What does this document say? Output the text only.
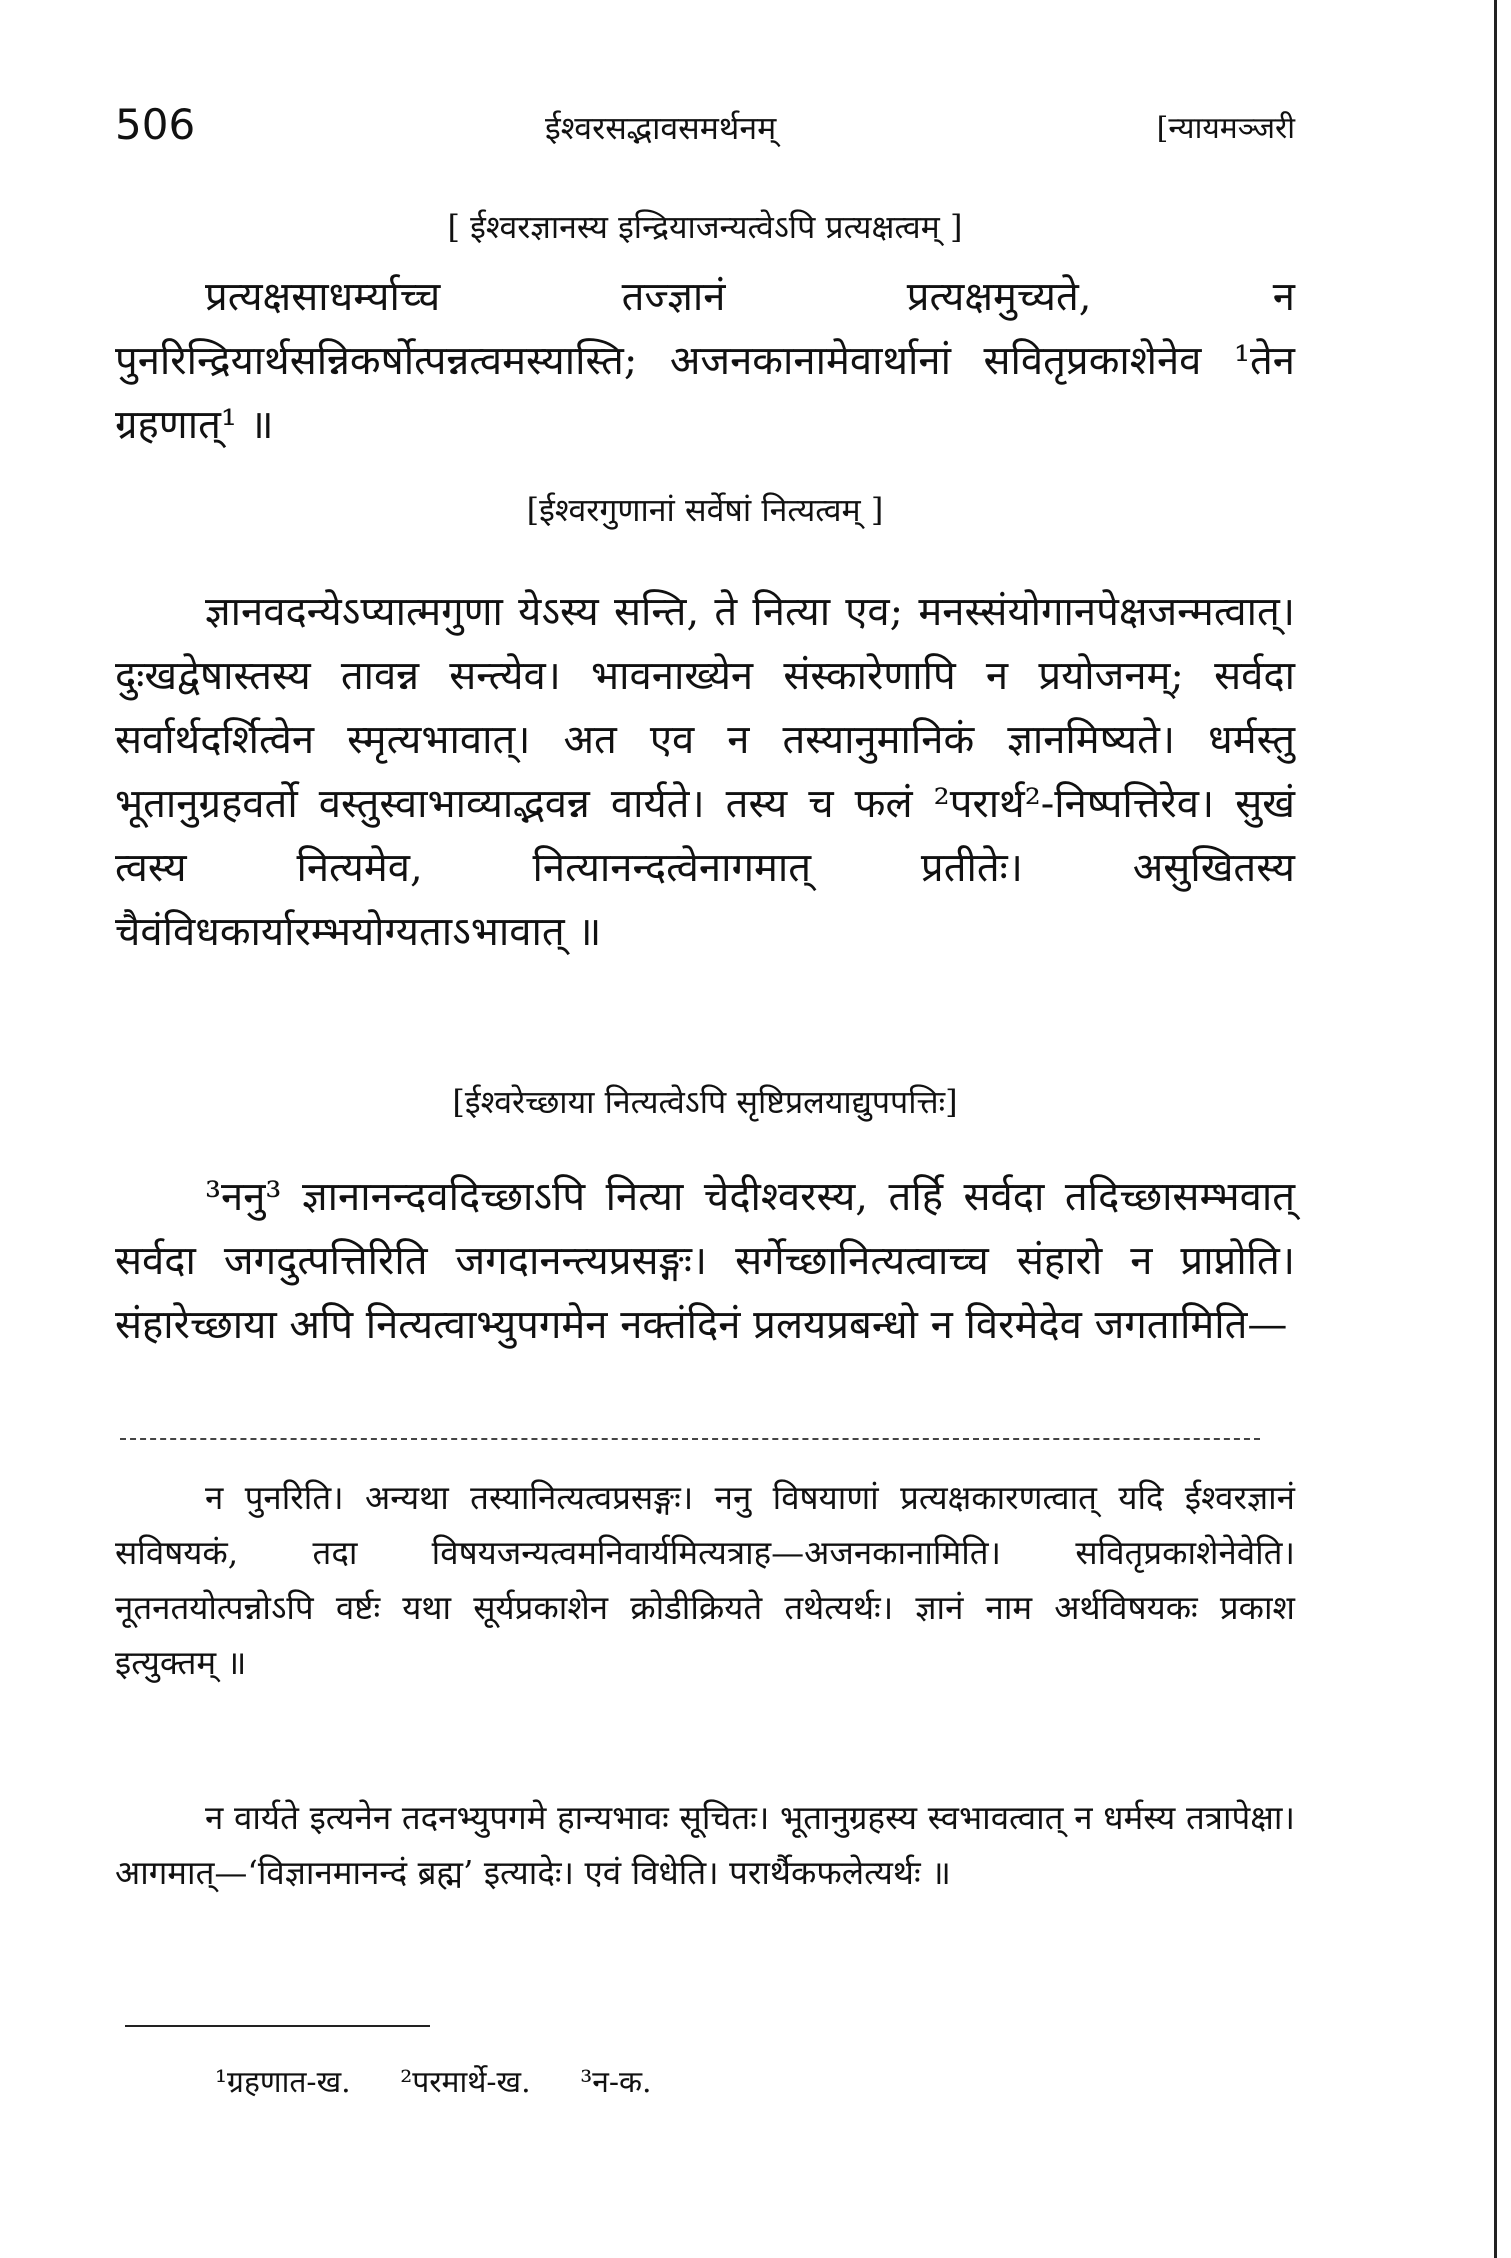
506	ईश्वरसद्भावसमर्थनम्	[न्यायमञ्जरी
[ ईश्वरज्ञानस्य इन्द्रियाजन्यत्वेऽपि प्रत्यक्षत्वम् ]
प्रत्यक्षसाधर्म्याच्च तज्ज्ञानं प्रत्यक्षमुच्यते, न पुनरिन्द्रियार्थसन्निकर्षोत्पन्नत्वमस्यास्ति; अजनकानामेवार्थानां सवितृप्रकाशेनेव ¹तेन ग्रहणात्¹ ॥
[ईश्वरगुणानां सर्वेषां नित्यत्वम् ]
ज्ञानवदन्येऽप्यात्मगुणा येऽस्य सन्ति, ते नित्या एव; मनस्संयोगानपेक्षजन्मत्वात्। दुःखद्वेषास्तस्य तावन्न सन्त्येव। भावनाख्येन संस्कारेणापि न प्रयोजनम्; सर्वदा सर्वार्थदर्शित्वेन स्मृत्यभावात्। अत एव न तस्यानुमानिकं ज्ञानमिष्यते। धर्मस्तु भूतानुग्रहवर्तो वस्तुस्वाभाव्याद्भवन्न वार्यते। तस्य च फलं ²परार्थ²-निष्पत्तिरेव। सुखं त्वस्य नित्यमेव, नित्यानन्दत्वेनागमात् प्रतीतेः। असुखितस्य चैवंविधकार्यारम्भयोग्यताऽभावात् ॥
[ईश्वरेच्छाया नित्यत्वेऽपि सृष्टिप्रलयाद्युपपत्तिः]
³ननु³ ज्ञानानन्दवदिच्छाऽपि नित्या चेदीश्वरस्य, तर्हि सर्वदा तदिच्छासम्भवात् सर्वदा जगदुत्पत्तिरिति जगदानन्त्यप्रसङ्गः। सर्गेच्छानित्यत्वाच्च संहारो न प्राप्नोति। संहारेच्छाया अपि नित्यत्वाभ्युपगमेन नक्तंदिनं प्रलयप्रबन्धो न विरमेदेव जगतामिति—
न पुनरिति। अन्यथा तस्यानित्यत्वप्रसङ्गः। ननु विषयाणां प्रत्यक्षकारणत्वात् यदि ईश्वरज्ञानं सविषयकं, तदा विषयजन्यत्वमनिवार्यमित्यत्राह—अजनकानामिति। सवितृप्रकाशेनेवेति। नूतनतयोत्पन्नोऽपि वर्ष्टः यथा सूर्यप्रकाशेन क्रोडीक्रियते तथेत्यर्थः। ज्ञानं नाम अर्थविषयकः प्रकाश इत्युक्तम् ॥
न वार्यते इत्यनेन तदनभ्युपगमे हान्यभावः सूचितः। भूतानुग्रहस्य स्वभावत्वात् न धर्मस्य तत्रापेक्षा। आगमात्—‘विज्ञानमानन्दं ब्रह्म’ इत्यादेः। एवं विधेति। परार्थैकफलेत्यर्थः ॥
¹ग्रहणात-ख. ²परमार्थे-ख. ³न-क.
